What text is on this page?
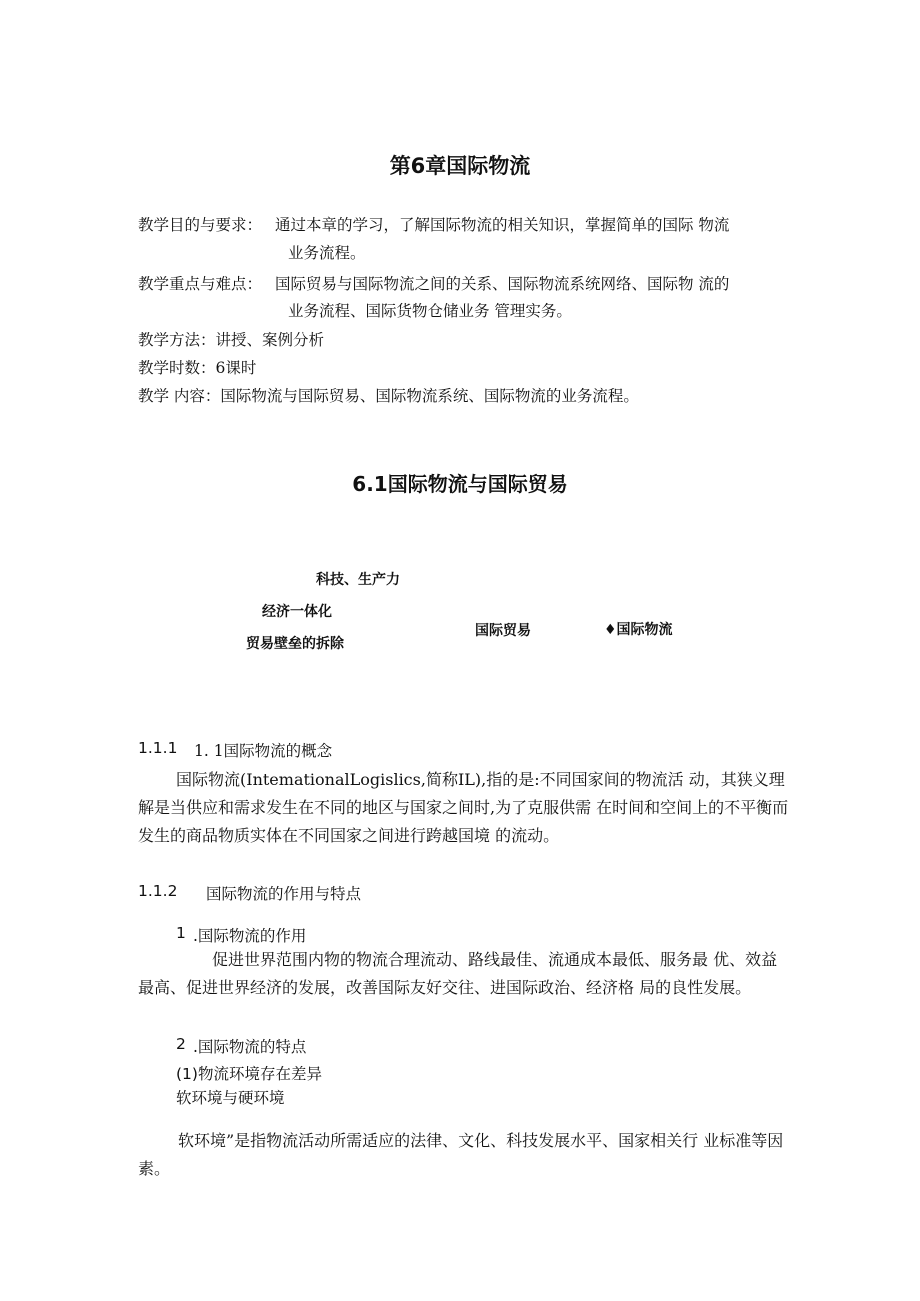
第6章国际物流
教学目的与要求： 通过本章的学习，了解国际物流的相关知识，掌握简单的国际 物流
业务流程。
教学重点与难点： 国际贸易与国际物流之间的关系、国际物流系统网络、国际物 流的
业务流程、国际货物仓储业务 管理实务。
教学方法：讲授、案例分析
教学时数：6课时
教学 内容：国际物流与国际贸易、国际物流系统、国际物流的业务流程。
6.1国际物流与国际贸易
科技、生产力
经济一体化
贸易壁垒的拆除
国际贸易	♦国际物流
1.1.1 1. 1国际物流的概念
国际物流(IntemationalLogislics,简称IL),指的是:不同国家间的物流活 动，其狭义理解是当供应和需求发生在不同的地区与国家之间时,为了克服供需 在时间和空间上的不平衡而发生的商品物质实体在不同国家之间进行跨越国境 的流动。
1.1.2 国际物流的作用与特点
1 .国际物流的作用
促进世界范围内物的物流合理流动、路线最佳、流通成本最低、服务最 优、效益最高、促进世界经济的发展，改善国际友好交往、进国际政治、经济格 局的良性发展。
2 .国际物流的特点
(1)物流环境存在差异
软环境与硬环境
软环境”是指物流活动所需适应的法律、文化、科技发展水平、国家相关行 业标准等因素。
